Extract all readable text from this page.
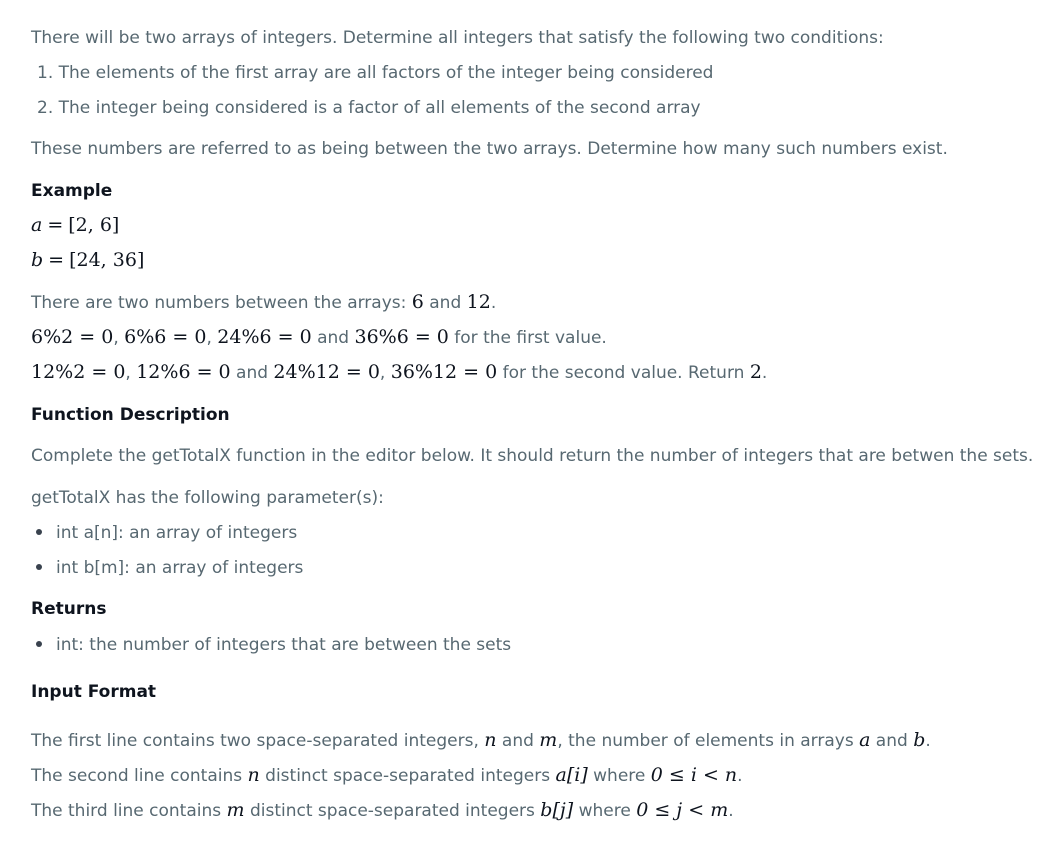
There will be two arrays of integers. Determine all integers that satisfy the following two conditions:
1. The elements of the first array are all factors of the integer being considered
2. The integer being considered is a factor of all elements of the second array
These numbers are referred to as being between the two arrays. Determine how many such numbers exist.
Example
a = [2, 6]
b = [24, 36]
There are two numbers between the arrays: 6 and 12.
6%2 = 0, 6%6 = 0, 24%6 = 0 and 36%6 = 0 for the first value.
12%2 = 0, 12%6 = 0 and 24%12 = 0, 36%12 = 0 for the second value. Return 2.
Function Description
Complete the getTotalX function in the editor below. It should return the number of integers that are betwen the sets.
getTotalX has the following parameter(s):
int a[n]: an array of integers
int b[m]: an array of integers
Returns
int: the number of integers that are between the sets
Input Format
The first line contains two space-separated integers, n and m, the number of elements in arrays a and b.
The second line contains n distinct space-separated integers a[i] where 0 ≤ i < n.
The third line contains m distinct space-separated integers b[j] where 0 ≤ j < m.
